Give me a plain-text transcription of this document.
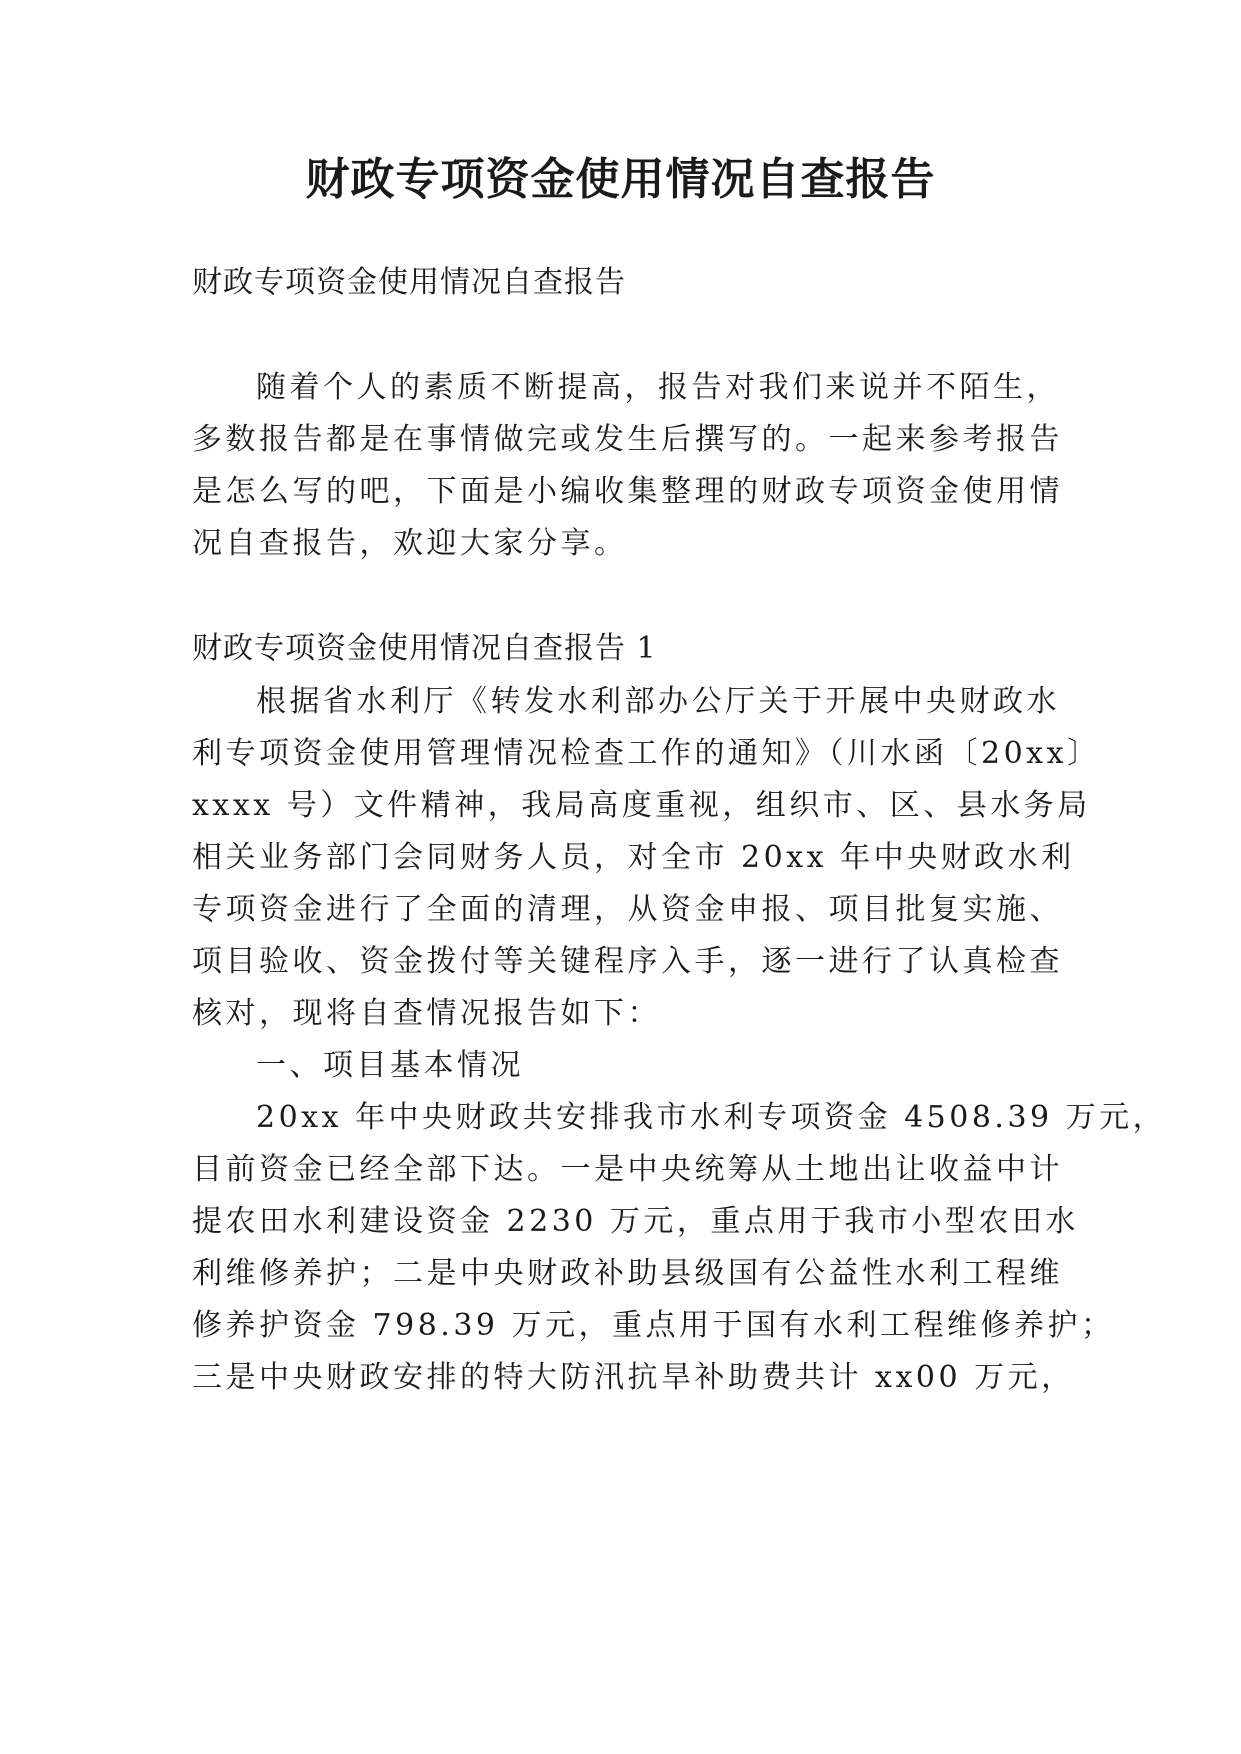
财政专项资金使用情况自查报告

财政专项资金使用情况自查报告

随着个人的素质不断提高，报告对我们来说并不陌生，

多数报告都是在事情做完或发生后撰写的。一起来参考报告

是怎么写的吧，下面是小编收集整理的财政专项资金使用情

况自查报告，欢迎大家分享。

财政专项资金使用情况自查报告 1

根据省水利厅《转发水利部办公厅关于开展中央财政水

利专项资金使用管理情况检查工作的通知》（川水函〔20xx〕

xxxx 号）文件精神，我局高度重视，组织市、区、县水务局

相关业务部门会同财务人员，对全市 20xx 年中央财政水利

专项资金进行了全面的清理，从资金申报、项目批复实施、

项目验收、资金拨付等关键程序入手，逐一进行了认真检查

核对，现将自查情况报告如下：

一、项目基本情况

20xx 年中央财政共安排我市水利专项资金 4508.39 万元，

目前资金已经全部下达。一是中央统筹从土地出让收益中计

提农田水利建设资金 2230 万元，重点用于我市小型农田水

利维修养护；二是中央财政补助县级国有公益性水利工程维

修养护资金 798.39 万元，重点用于国有水利工程维修养护；

三是中央财政安排的特大防汛抗旱补助费共计 xx00 万元，
